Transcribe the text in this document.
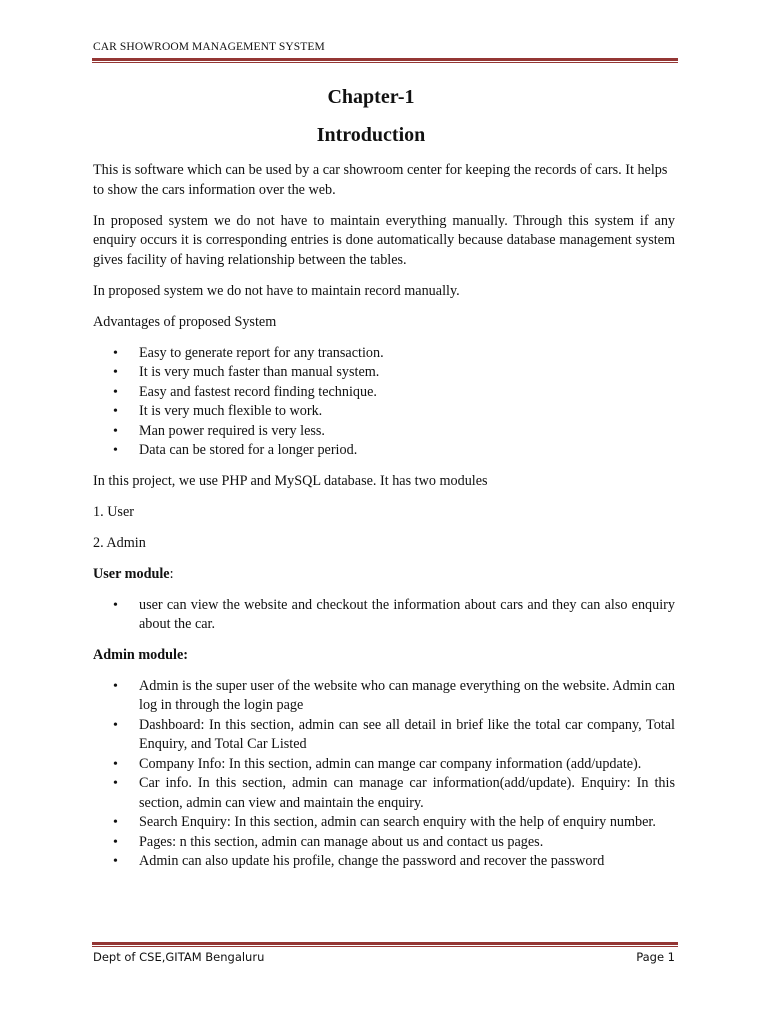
CAR SHOWROOM MANAGEMENT SYSTEM
Chapter-1
Introduction

This is software which can be used by a car showroom center for keeping the records of cars. It helps to show the cars information over the web.

In proposed system we do not have to maintain everything manually. Through this system if any enquiry occurs it is corresponding entries is done automatically because database management system gives facility of having relationship between the tables.

In proposed system we do not have to maintain record manually.

Advantages of proposed System

• Easy to generate report for any transaction.
• It is very much faster than manual system.
• Easy and fastest record finding technique.
• It is very much flexible to work.
• Man power required is very less.
• Data can be stored for a longer period.

In this project, we use PHP and MySQL database. It has two modules

1. User

2. Admin

User module:

• user can view the website and checkout the information about cars and they can also enquiry about the car.

Admin module:

• Admin is the super user of the website who can manage everything on the website. Admin can log in through the login page
• Dashboard: In this section, admin can see all detail in brief like the total car company, Total Enquiry, and Total Car Listed
• Company Info: In this section, admin can mange car company information (add/update).
• Car info. In this section, admin can manage car information(add/update). Enquiry: In this section, admin can view and maintain the enquiry.
• Search Enquiry: In this section, admin can search enquiry with the help of enquiry number.
• Pages: n this section, admin can manage about us and contact us pages.
• Admin can also update his profile, change the password and recover the password
Dept of CSE,GITAM Bengaluru	Page 1
